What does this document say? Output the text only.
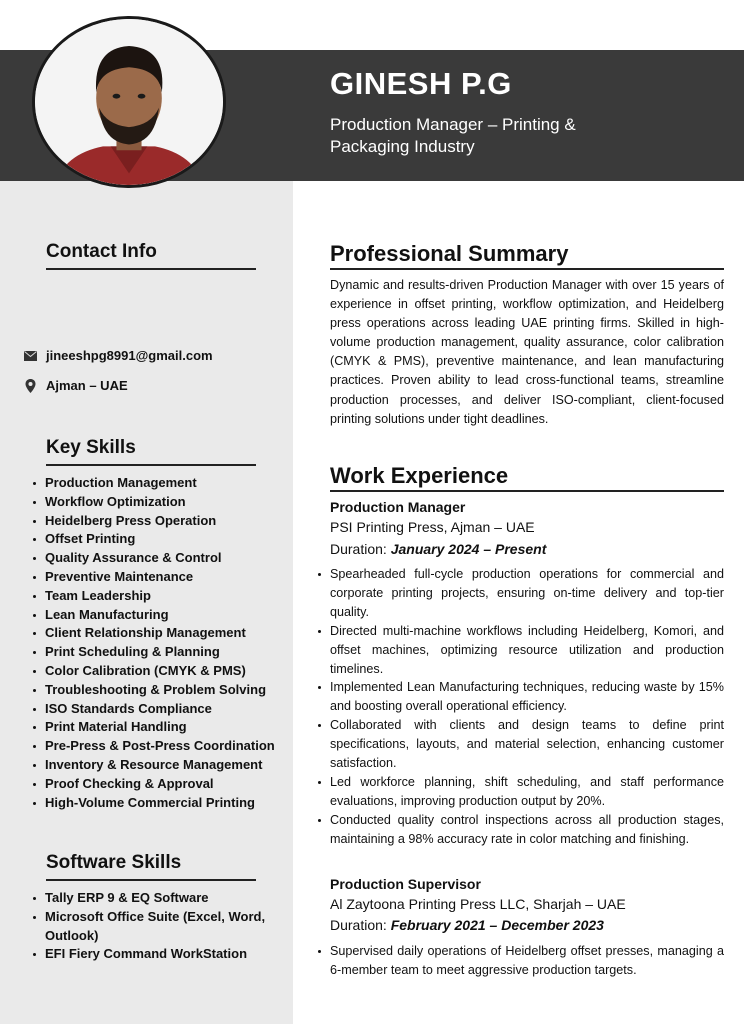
GINESH P.G
Production Manager – Printing &
Packaging Industry
Contact Info
jineeshpg8991@gmail.com
Ajman – UAE
Key Skills
Production Management
Workflow Optimization
Heidelberg Press Operation
Offset Printing
Quality Assurance & Control
Preventive Maintenance
Team Leadership
Lean Manufacturing
Client Relationship Management
Print Scheduling & Planning
Color Calibration (CMYK & PMS)
Troubleshooting & Problem Solving
ISO Standards Compliance
Print Material Handling
Pre-Press & Post-Press Coordination
Inventory & Resource Management
Proof Checking & Approval
High-Volume Commercial Printing
Software Skills
Tally ERP 9 & EQ Software
Microsoft Office Suite (Excel, Word, Outlook)
EFI Fiery Command WorkStation
Professional Summary
Dynamic and results-driven Production Manager with over 15 years of experience in offset printing, workflow optimization, and Heidelberg press operations across leading UAE printing firms. Skilled in high-volume production management, quality assurance, color calibration (CMYK & PMS), preventive maintenance, and lean manufacturing practices. Proven ability to lead cross-functional teams, streamline production processes, and deliver ISO-compliant, client-focused printing solutions under tight deadlines.
Work Experience
Production Manager
PSI Printing Press, Ajman – UAE
Duration: January 2024 – Present
Spearheaded full-cycle production operations for commercial and corporate printing projects, ensuring on-time delivery and top-tier quality.
Directed multi-machine workflows including Heidelberg, Komori, and offset machines, optimizing resource utilization and production timelines.
Implemented Lean Manufacturing techniques, reducing waste by 15% and boosting overall operational efficiency.
Collaborated with clients and design teams to define print specifications, layouts, and material selection, enhancing customer satisfaction.
Led workforce planning, shift scheduling, and staff performance evaluations, improving production output by 20%.
Conducted quality control inspections across all production stages, maintaining a 98% accuracy rate in color matching and finishing.
Production Supervisor
Al Zaytoona Printing Press LLC, Sharjah – UAE
Duration: February 2021 – December 2023
Supervised daily operations of Heidelberg offset presses, managing a 6-member team to meet aggressive production targets.
